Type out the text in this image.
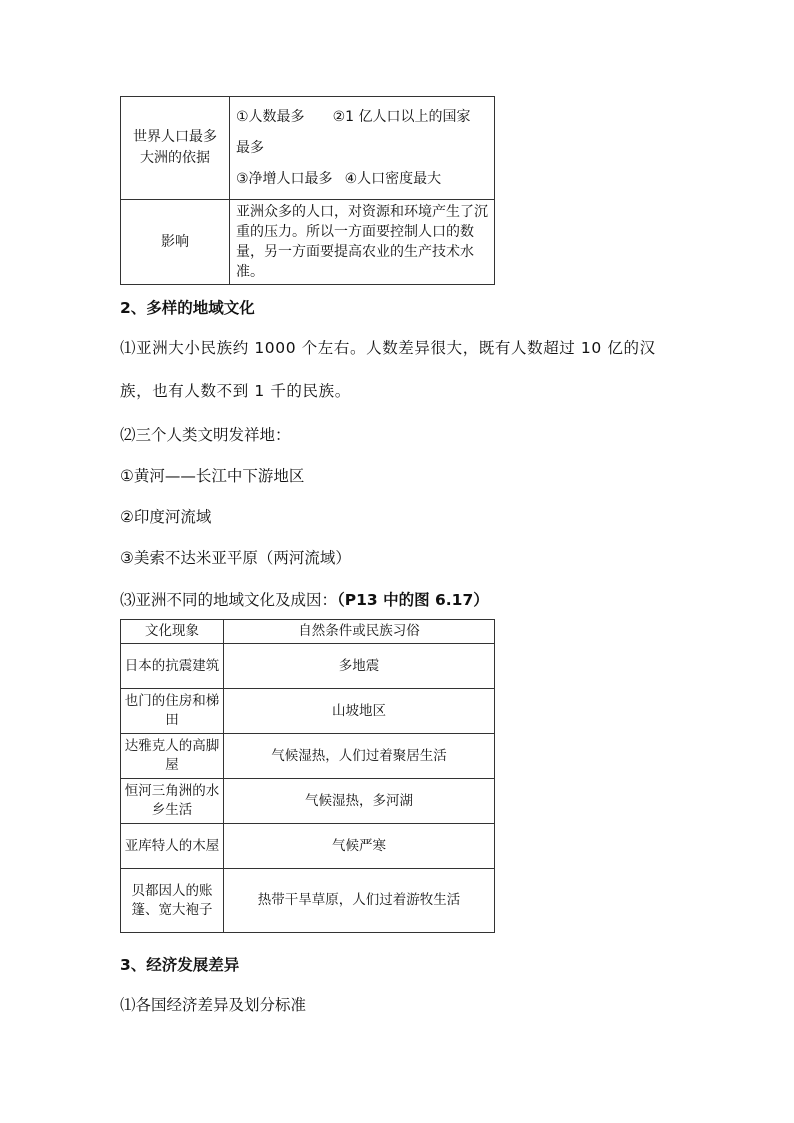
世界人口最多大洲的依据	①人数最多 ②1 亿人口以上的国家
最多
③净增人口最多 ④人口密度最大

影响	亚洲众多的人口，对资源和环境产生了沉重的压力。所以一方面要控制人口的数量，另一方面要提高农业的生产技术水准。
2、多样的地域文化
⑴亚洲大小民族约 1000 个左右。人数差异很大，既有人数超过 10 亿的汉族，也有人数不到 1 千的民族。
⑵三个人类文明发祥地：
①黄河——长江中下游地区
②印度河流域
③美索不达米亚平原（两河流域）
⑶亚洲不同的地域文化及成因：（P13 中的图 6.17）
文化现象	自然条件或民族习俗
日本的抗震建筑	多地震
也门的住房和梯田	山坡地区
达雅克人的高脚屋	气候湿热，人们过着聚居生活
恒河三角洲的水乡生活	气候湿热，多河湖
亚库特人的木屋	气候严寒
贝都因人的账篷、宽大袍子	热带干旱草原，人们过着游牧生活
3、经济发展差异
⑴各国经济差异及划分标准
